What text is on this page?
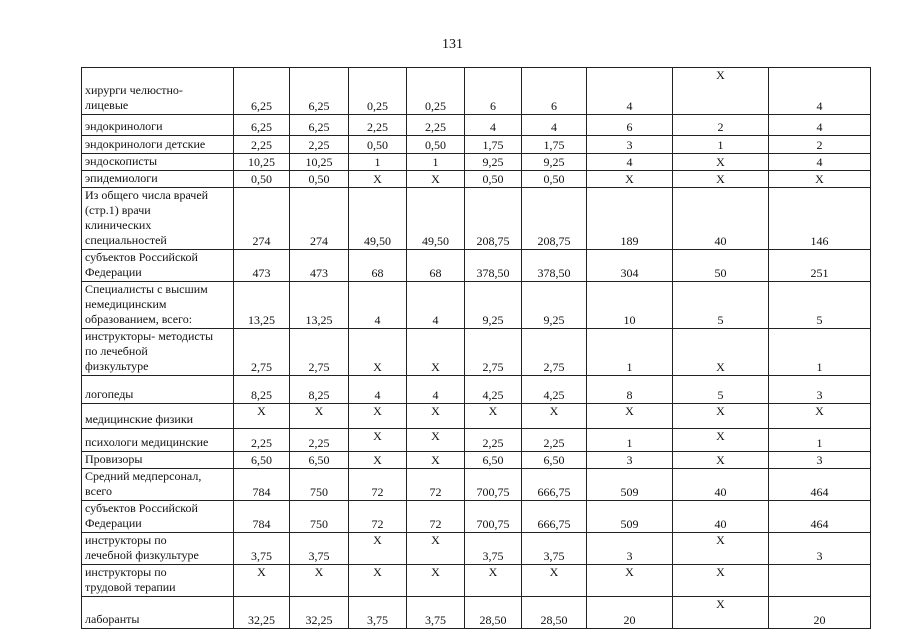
131
хирурги челюстно-
лицевые	6,25	6,25	0,25	0,25	6	6	4	X	4

эндокринологи	6,25	6,25	2,25	2,25	4	4	6	2	4

эндокринологи детские	2,25	2,25	0,50	0,50	1,75	1,75	3	1	2

эндоскописты	10,25	10,25	1	1	9,25	9,25	4	X	4

эпидемиологи	0,50	0,50	X	X	0,50	0,50	X	X	X

Из общего числа врачей
(стр.1) врачи
клинических
специальностей	274	274	49,50	49,50	208,75	208,75	189	40	146

субъектов Российской
Федерации	473	473	68	68	378,50	378,50	304	50	251

Специалисты с высшим
немедицинским
образованием, всего:	13,25	13,25	4	4	9,25	9,25	10	5	5

инструкторы- методисты
по лечебной
физкультуре	2,75	2,75	X	X	2,75	2,75	1	X	1

логопеды	8,25	8,25	4	4	4,25	4,25	8	5	3

медицинские физики	X	X	X	X	X	X	X	X	X

психологи медицинские	2,25	2,25	X	X	2,25	2,25	1	X	1

Провизоры	6,50	6,50	X	X	6,50	6,50	3	X	3

Средний медперсонал,
всего	784	750	72	72	700,75	666,75	509	40	464

субъектов Российской
Федерации	784	750	72	72	700,75	666,75	509	40	464

инструкторы по
лечебной физкультуре	3,75	3,75	X	X	3,75	3,75	3	X	3

инструкторы по
трудовой терапии	X	X	X	X	X	X	X	X	

лаборанты	32,25	32,25	3,75	3,75	28,50	28,50	20	X	20
